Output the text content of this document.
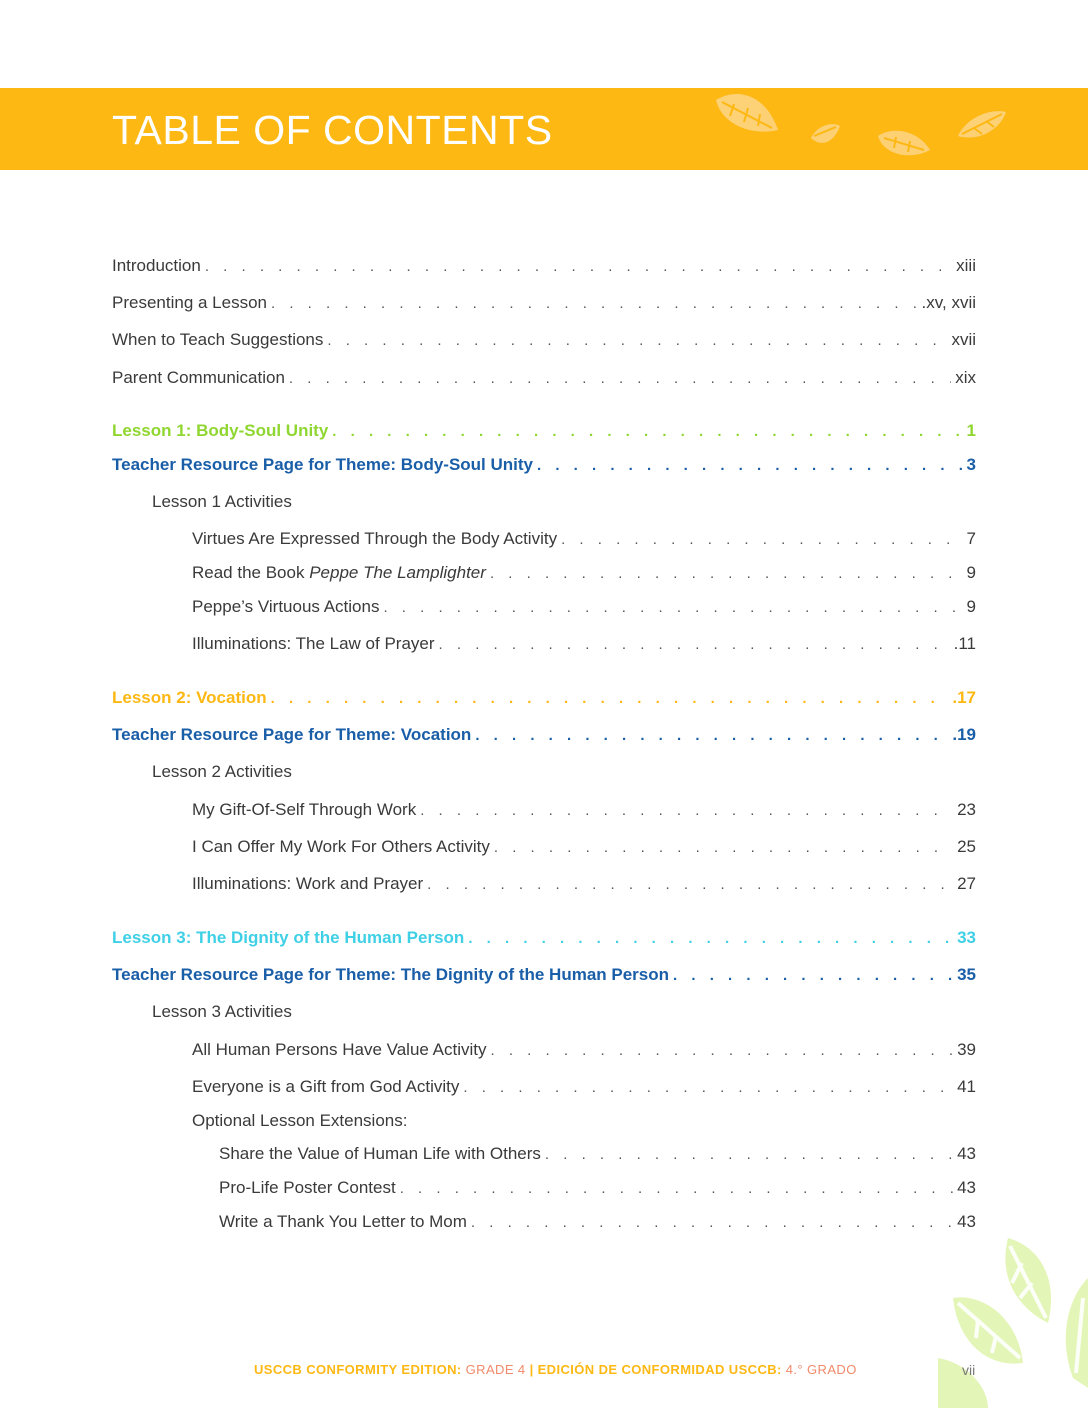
TABLE OF CONTENTS
Introduction . . .	xiii
Presenting a Lesson . . .	.xv, xvii
When to Teach Suggestions . . .	xvii
Parent Communication . . .	xix
Lesson 1: Body-Soul Unity . . .	1
Teacher Resource Page for Theme: Body-Soul Unity . . .	3
Lesson 1 Activities
Virtues Are Expressed Through the Body Activity . . .	7
Read the Book Peppe The Lamplighter . . .	9
Peppe’s Virtuous Actions . . .	9
Illuminations: The Law of Prayer . . .	.11
Lesson 2: Vocation . . .	.17
Teacher Resource Page for Theme: Vocation . . .	.19
Lesson 2 Activities
My Gift-Of-Self Through Work . . .	23
I Can Offer My Work For Others Activity . . .	25
Illuminations: Work and Prayer . . .	27
Lesson 3: The Dignity of the Human Person . . .	33
Teacher Resource Page for Theme: The Dignity of the Human Person . . .	35
Lesson 3 Activities
All Human Persons Have Value Activity . . .	39
Everyone is a Gift from God Activity . . .	41
Optional Lesson Extensions:
Share the Value of Human Life with Others . . .	43
Pro-Life Poster Contest . . .	43
Write a Thank You Letter to Mom . . .	43
USCCB CONFORMITY EDITION: GRADE 4 | EDICIÓN DE CONFORMIDAD USCCB: 4.° GRADO	vii
